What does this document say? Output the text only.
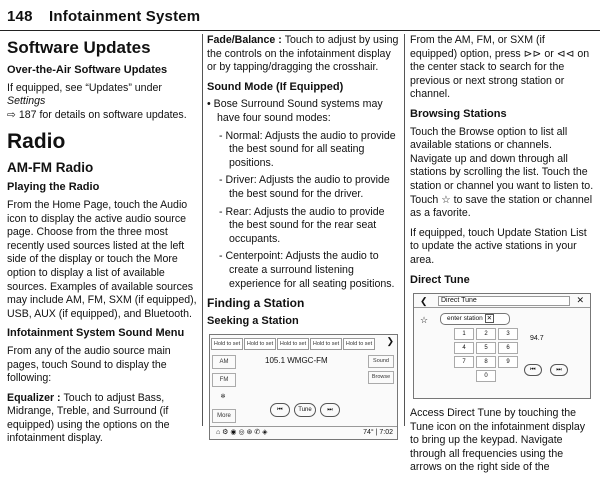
148 Infotainment System
Software Updates
Over-the-Air Software Updates

If equipped, see “Updates” under Settings
⇨ 187 for details on software updates.

Radio
AM-FM Radio
Playing the Radio

From the Home Page, touch the Audio icon to display the active audio source page. Choose from the three most recently used sources listed at the left side of the display or touch the More option to display a list of available sources. Examples of available sources may include AM, FM, SXM (if equipped), USB, AUX (if equipped), and Bluetooth.

Infotainment System Sound Menu

From any of the audio source main pages, touch Sound to display the following:

Equalizer : Touch to adjust Bass, Midrange, Treble, and Surround (if equipped) using the options on the infotainment display.

Fade/Balance : Touch to adjust by using the controls on the infotainment display or by tapping/dragging the crosshair.

Sound Mode (If Equipped)

• Bose Surround Sound systems may have four sound modes:

- Normal: Adjusts the audio to provide the best sound for all seating positions.

- Driver: Adjusts the audio to provide the best sound for the driver.

- Rear: Adjusts the audio to provide the best sound for the rear seat occupants.

- Centerpoint: Adjusts the audio to create a surround listening experience for all seating positions.

Finding a Station
Seeking a Station
Hold to set	Hold to set	Hold to set	Hold to set	Hold to set	❯
AM
FM
✻
More
105.1 WMGC-FM	Sound
Browse
⏮	Tune	⏭
⌂ ⚙ ◉ ◎ ⊛ ✆ ◈	74° | 7:02

From the AM, FM, or SXM (if equipped) option, press ⊳⊳ or ⊲⊲ on the center stack to search for the previous or next strong station or channel.

Browsing Stations

Touch the Browse option to list all available stations or channels. Navigate up and down through all stations by scrolling the list. Touch the station or channel you want to listen to. Touch ☆ to save the station or channel as a favorite.

If equipped, touch Update Station List to update the active stations in your area.

Direct Tune
❮	Direct Tune	✕
☆	enter station ✕
1	2	3
4	5	6
7	8	9
0
94.7
⏮	⏭

Access Direct Tune by touching the Tune icon on the infotainment display to bring up the keypad. Navigate through all frequencies using the arrows on the right side of the
